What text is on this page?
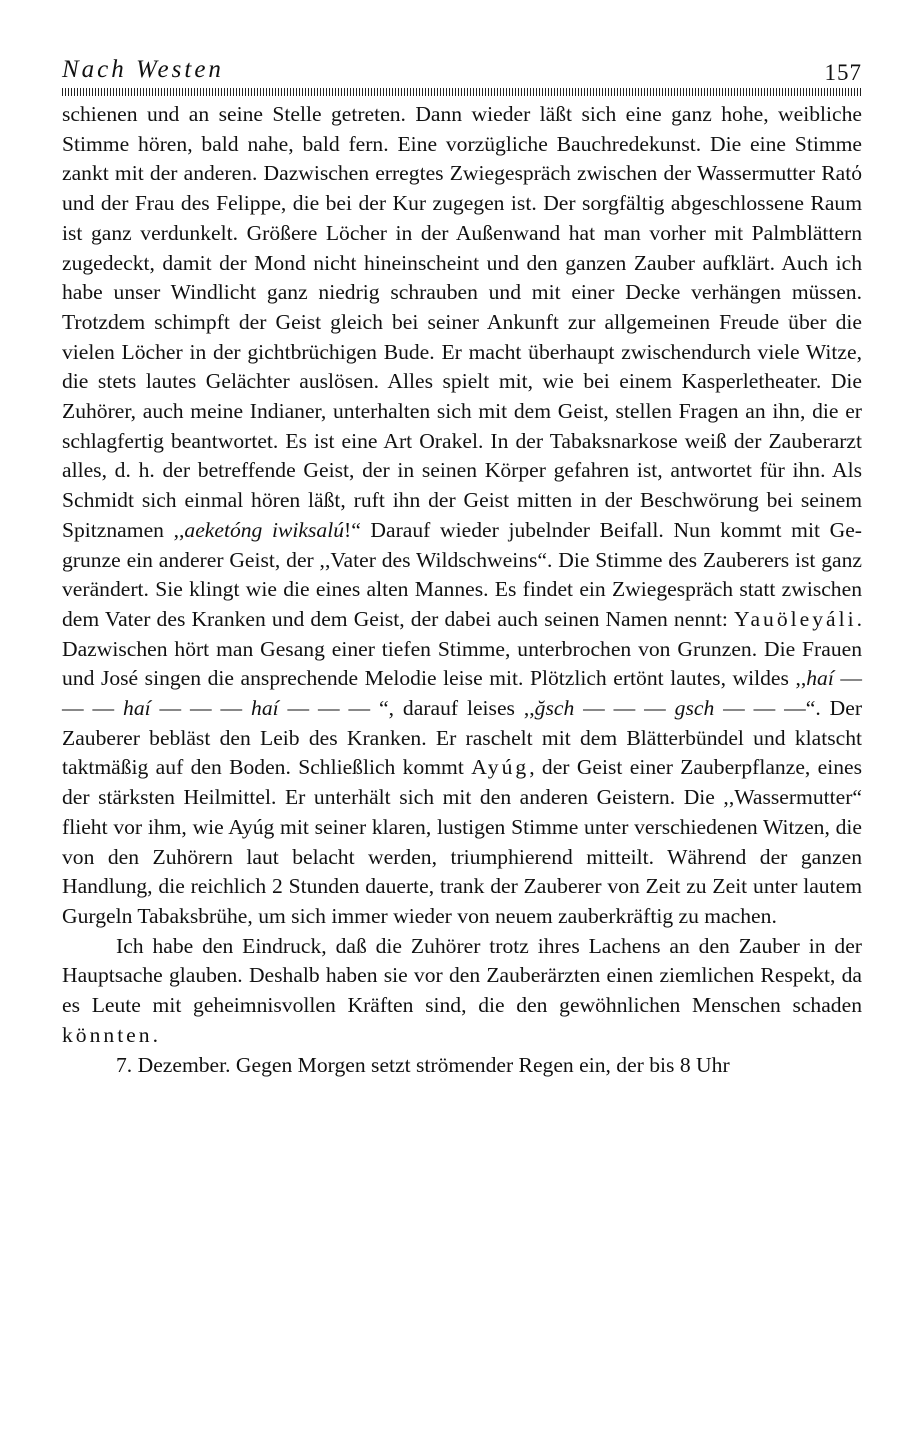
Nach Westen	157

schienen und an seine Stelle getreten. Dann wieder läßt sich eine ganz hohe, weibliche Stimme hören, bald nahe, bald fern. Eine vorzügliche Bauchredekunst. Die eine Stimme zankt mit der anderen. Dazwischen erregtes Zwiegespräch zwischen der Wassermutter Ratό und der Frau des Felippe, die bei der Kur zugegen ist. Der sorgfältig abgeschlossene Raum ist ganz verdunkelt. Größere Löcher in der Außenwand hat man vorher mit Palmblättern zugedeckt, damit der Mond nicht hineinscheint und den ganzen Zauber aufklärt. Auch ich habe unser Windlicht ganz niedrig schrauben und mit einer Decke verhängen müssen. Trotzdem schimpft der Geist gleich bei seiner Ankunft zur allgemeinen Freude über die vielen Löcher in der gichtbrüchigen Bude. Er macht überhaupt zwischendurch viele Witze, die stets lautes Gelächter auslösen. Alles spielt mit, wie bei einem Kasperletheater. Die Zuhörer, auch meine Indianer, unterhalten sich mit dem Geist, stellen Fragen an ihn, die er schlagfertig beantwortet. Es ist eine Art Orakel. In der Tabaksnarkose weiß der Zauberarzt alles, d. h. der betreffende Geist, der in seinen Körper gefahren ist, antwortet für ihn. Als Schmidt sich einmal hören läßt, ruft ihn der Geist mitten in der Beschwörung bei seinem Spitznamen ,,aeketóng iwiksalú!“ Darauf wieder jubelnder Beifall. Nun kommt mit Gegrunze ein anderer Geist, der ,,Vater des Wildschweins“. Die Stimme des Zauberers ist ganz verändert. Sie klingt wie die eines alten Mannes. Es findet ein Zwiegespräch statt zwischen dem Vater des Kranken und dem Geist, der dabei auch seinen Namen nennt: Yauöleyáli. Dazwischen hört man Gesang einer tiefen Stimme, unterbrochen von Grunzen. Die Frauen und José singen die ansprechende Melodie leise mit. Plötzlich ertönt lautes, wildes ,,haí — — — haí — — — haí — — — “, darauf leises ,,ğsch — — — gsch — — —“. Der Zauberer bebläst den Leib des Kranken. Er raschelt mit dem Blätterbündel und klatscht taktmäßig auf den Boden. Schließlich kommt Ayúg, der Geist einer Zauberpflanze, eines der stärksten Heilmittel. Er unterhält sich mit den anderen Geistern. Die ,,Wassermutter“ flieht vor ihm, wie Ayúg mit seiner klaren, lustigen Stimme unter verschiedenen Witzen, die von den Zuhörern laut belacht werden, triumphierend mitteilt. Während der ganzen Handlung, die reichlich 2 Stunden dauerte, trank der Zauberer von Zeit zu Zeit unter lautem Gurgeln Tabaksbrühe, um sich immer wieder von neuem zauberkräftig zu machen.

Ich habe den Eindruck, daß die Zuhörer trotz ihres Lachens an den Zauber in der Hauptsache glauben. Deshalb haben sie vor den Zauberärzten einen ziemlichen Respekt, da es Leute mit geheimnisvollen Kräften sind, die den gewöhnlichen Menschen schaden könnten.

7. Dezember. Gegen Morgen setzt strömender Regen ein, der bis 8 Uhr
